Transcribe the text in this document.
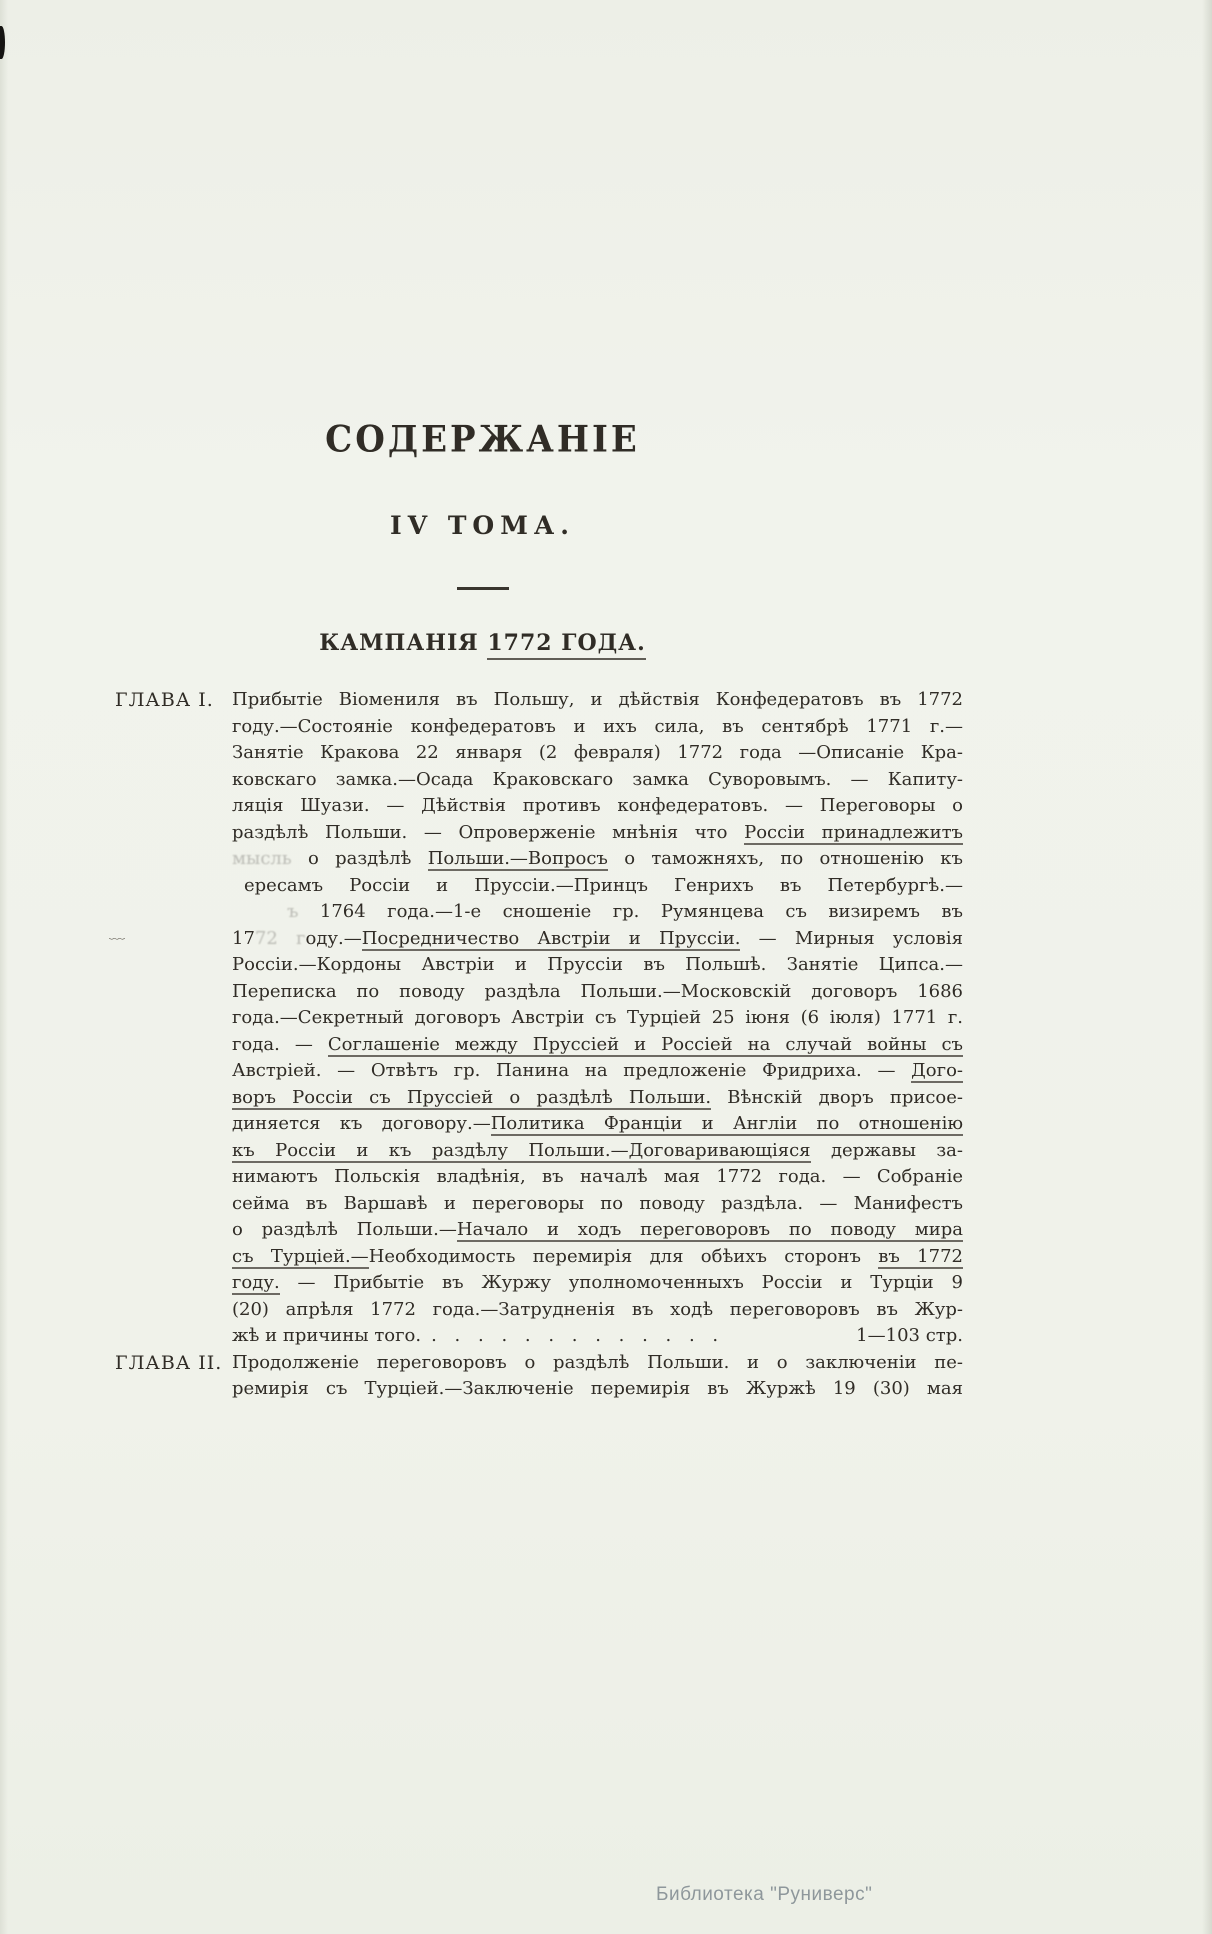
﹏
СОДЕРЖАНІЕ
IV ТОМА.
КАМПАНІЯ 1772 ГОДА.
ГЛАВА I.	Прибытіе Віомениля въ Польшу, и дѣйствія Конфедератовъ въ 1772
году.—Состояніе конфедератовъ и ихъ сила, въ сентябрѣ 1771 г.—
Занятіе Кракова 22 января (2 февраля) 1772 года —Описаніе Кра-
ковскаго замка.—Осада Краковскаго замка Суворовымъ. — Капиту-
ляція Шуази. — Дѣйствія противъ конфедератовъ. — Переговоры о
раздѣлѣ Польши. — Опроверженіе мнѣнія что Россіи принадлежитъ
мысль о раздѣлѣ Польши.—Вопросъ о таможняхъ, по отношенію къ
ересамъ Россіи и Пруссіи.—Принцъ Генрихъ въ Петербургѣ.—
ъ 1764 года.—1-е сношеніе гр. Румянцева съ визиремъ въ
1772 году.—Посредничество Австріи и Пруссіи. — Мирныя условія
Россіи.—Кордоны Австріи и Пруссіи въ Польшѣ. Занятіе Ципса.—
Переписка по поводу раздѣла Польши.—Московскій договоръ 1686
года.—Секретный договоръ Австріи съ Турціей 25 іюня (6 іюля) 1771 г.
года. — Соглашеніе между Пруссіей и Россіей на случай войны съ
Австріей. — Отвѣтъ гр. Панина на предложеніе Фридриха. — Дого-
воръ Россіи съ Пруссіей о раздѣлѣ Польши. Вѣнскій дворъ присое-
диняется къ договору.—Политика Франціи и Англіи по отношенію
къ Россіи и къ раздѣлу Польши.—Договаривающіяся державы за-
нимаютъ Польскія владѣнія, въ началѣ мая 1772 года. — Собраніе
сейма въ Варшавѣ и переговоры по поводу раздѣла. — Манифестъ
о раздѣлѣ Польши.—Начало и ходъ переговоровъ по поводу мира
съ Турціей.—Необходимость перемирія для обѣихъ сторонъ въ 1772
году. — Прибытіе въ Журжу уполномоченныхъ Россіи и Турціи 9
(20) апрѣля 1772 года.—Затрудненія въ ходѣ переговоровъ въ Жур-
жѣ и причины того. . . . . . . . . . . . . .	1—103 стр.
ГЛАВА II. Продолженіе переговоровъ о раздѣлѣ Польши. и о заключеніи пе-
ремирія съ Турціей.—Заключеніе перемирія въ Журжѣ 19 (30) мая
Библиотека "Руниверс"
